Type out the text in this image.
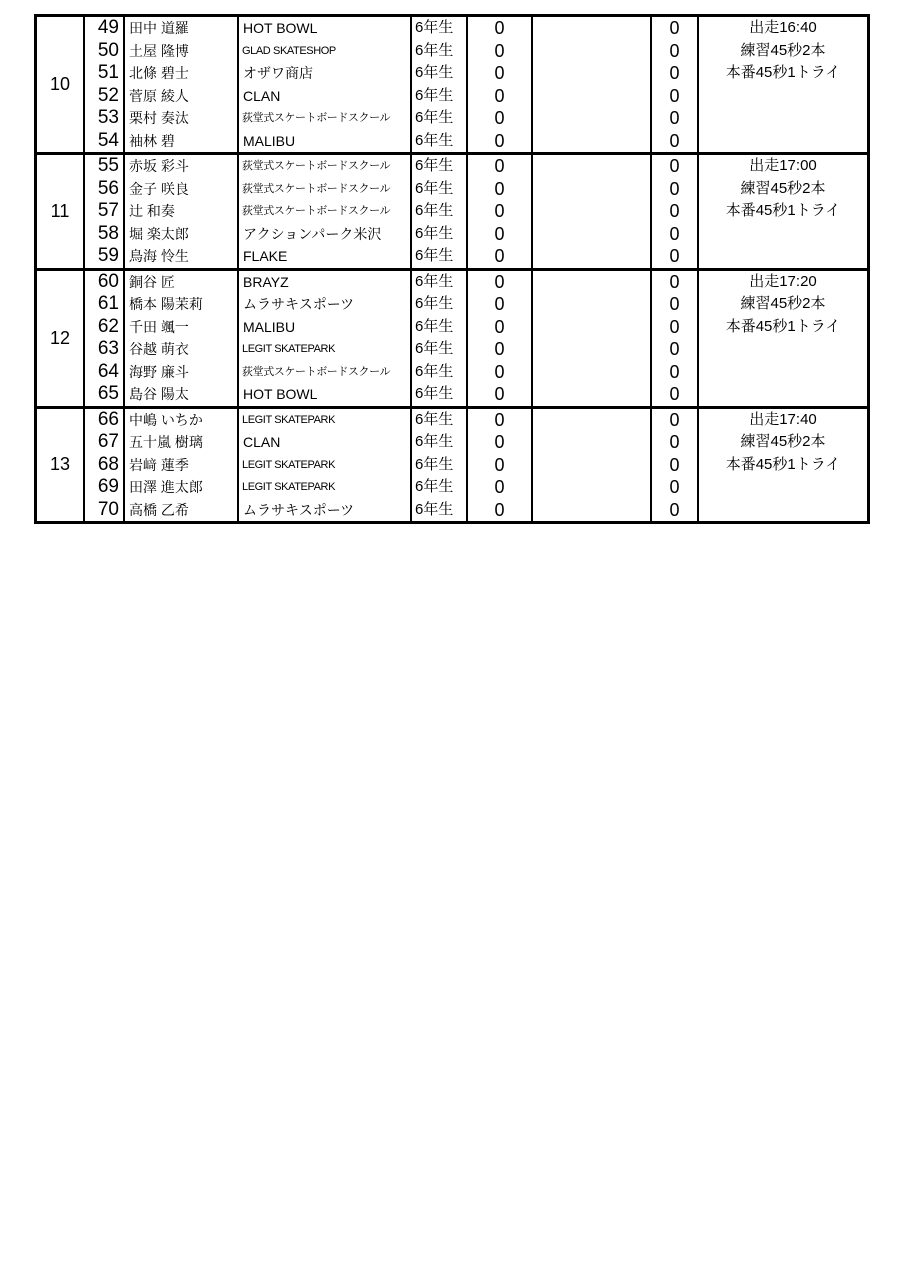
10
49
50
51
52
53
54
田中 道羅
土屋 隆博
北條 碧士
菅原 綾人
栗村 奏汰
袖林 碧
HOT BOWL
GLAD SKATESHOP
オザワ商店
CLAN
荻堂式スケートボードスクール
MALIBU
6年生
6年生
6年生
6年生
6年生
6年生
0
0
0
0
0
0
0
0
0
0
0
0
出走16:40
練習45秒2本
本番45秒1トライ
11
55
56
57
58
59
赤坂 彩斗
金子 咲良
辻 和奏
堀 楽太郎
鳥海 怜生
荻堂式スケートボードスクール
荻堂式スケートボードスクール
荻堂式スケートボードスクール
アクションパーク米沢
FLAKE
6年生
6年生
6年生
6年生
6年生
0
0
0
0
0
0
0
0
0
0
出走17:00
練習45秒2本
本番45秒1トライ
12
60
61
62
63
64
65
銅谷 匠
橋本 陽茉莉
千田 颯一
谷越 萌衣
海野 廉斗
島谷 陽太
BRAYZ
ムラサキスポーツ
MALIBU
LEGIT SKATEPARK
荻堂式スケートボードスクール
HOT BOWL
6年生
6年生
6年生
6年生
6年生
6年生
0
0
0
0
0
0
0
0
0
0
0
0
出走17:20
練習45秒2本
本番45秒1トライ
13
66
67
68
69
70
中嶋 いちか
五十嵐 樹璃
岩﨑 蓮季
田澤 進太郎
高橋 乙希
LEGIT SKATEPARK
CLAN
LEGIT SKATEPARK
LEGIT SKATEPARK
ムラサキスポーツ
6年生
6年生
6年生
6年生
6年生
0
0
0
0
0
0
0
0
0
0
出走17:40
練習45秒2本
本番45秒1トライ
